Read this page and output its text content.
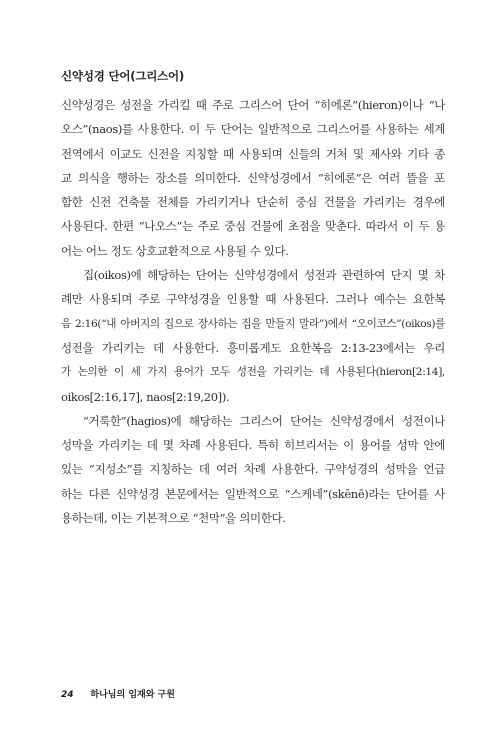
신약성경 단어(그리스어)
신약성경은 성전을 가리킬 때 주로 그리스어 단어 “히에론”(hieron)이나 “나
오스”(naos)를 사용한다. 이 두 단어는 일반적으로 그리스어를 사용하는 세계
전역에서 이교도 신전을 지칭할 때 사용되며 신들의 거처 및 제사와 기타 종
교 의식을 행하는 장소를 의미한다. 신약성경에서 “히에론”은 여러 뜰을 포
함한 신전 건축물 전체를 가리키거나 단순히 중심 건물을 가리키는 경우에
사용된다. 한편 “나오스”는 주로 중심 건물에 초점을 맞춘다. 따라서 이 두 용
어는 어느 정도 상호교환적으로 사용될 수 있다.
집(oikos)에 해당하는 단어는 신약성경에서 성전과 관련하여 단지 몇 차
례만 사용되며 주로 구약성경을 인용할 때 사용된다. 그러나 예수는 요한복
음 2:16(“내 아버지의 집으로 장사하는 집을 만들지 말라”)에서 “오이코스”(oikos)를
성전을 가리키는 데 사용한다. 흥미롭게도 요한복음 2:13-23에서는 우리
가 논의한 이 세 가지 용어가 모두 성전을 가리키는 데 사용된다(hieron[2:14],
oikos[2:16,17], naos[2:19,20]).
“거룩한”(hagios)에 해당하는 그리스어 단어는 신약성경에서 성전이나
성막을 가리키는 데 몇 차례 사용된다. 특히 히브리서는 이 용어를 성막 안에
있는 “지성소”를 지칭하는 데 여러 차례 사용한다. 구약성경의 성막을 언급
하는 다른 신약성경 본문에서는 일반적으로 “스케네”(skēnē)라는 단어를 사
용하는데, 이는 기본적으로 “천막”을 의미한다.
24 하나님의 임재와 구원
